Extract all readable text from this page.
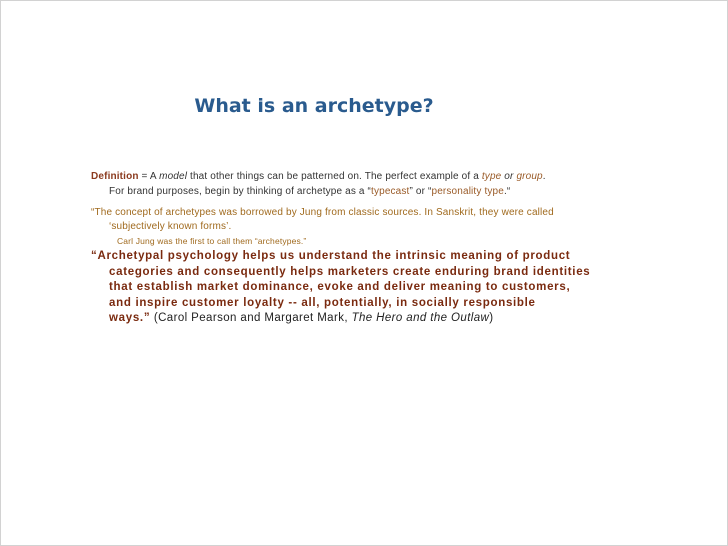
What is an archetype?
Definition = A model that other things can be patterned on. The perfect example of a type or group.
For brand purposes, begin by thinking of archetype as a “typecast” or “personality type.“
“The concept of archetypes was borrowed by Jung from classic sources. In Sanskrit, they were called
‘subjectively known forms’.
Carl Jung was the first to call them “archetypes.”
“Archetypal psychology helps us understand the intrinsic meaning of product
categories and consequently helps marketers create enduring brand identities
that establish market dominance, evoke and deliver meaning to customers,
and inspire customer loyalty -- all, potentially, in socially responsible
ways.” (Carol Pearson and Margaret Mark, The Hero and the Outlaw)
